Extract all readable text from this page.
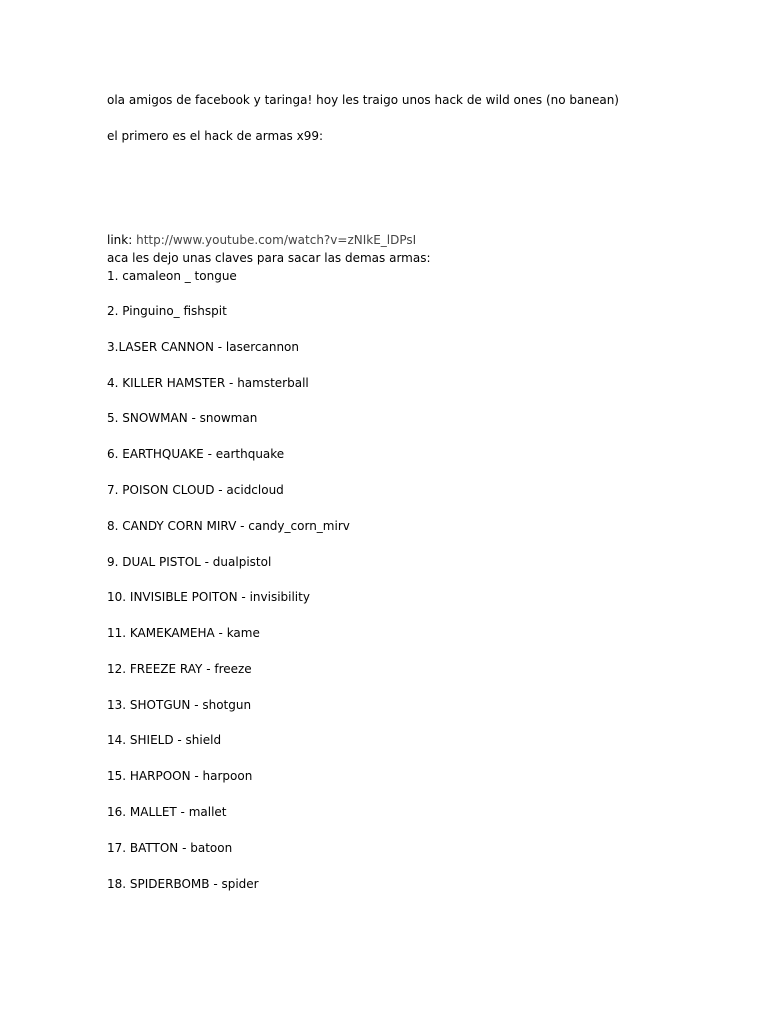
ola amigos de facebook y taringa! hoy les traigo unos hack de wild ones (no banean)

el primero es el hack de armas x99:

link: http://www.youtube.com/watch?v=zNIkE_lDPsI

aca les dejo unas claves para sacar las demas armas:

1. camaleon _ tongue
2. Pinguino_ fishspit
3.LASER CANNON - lasercannon
4. KILLER HAMSTER - hamsterball
5. SNOWMAN - snowman
6. EARTHQUAKE - earthquake
7. POISON CLOUD - acidcloud
8. CANDY CORN MIRV - candy_corn_mirv
9. DUAL PISTOL - dualpistol
10. INVISIBLE POITON - invisibility
11. KAMEKAMEHA - kame
12. FREEZE RAY - freeze
13. SHOTGUN - shotgun
14. SHIELD - shield
15. HARPOON - harpoon
16. MALLET - mallet
17. BATTON - batoon
18. SPIDERBOMB - spider
